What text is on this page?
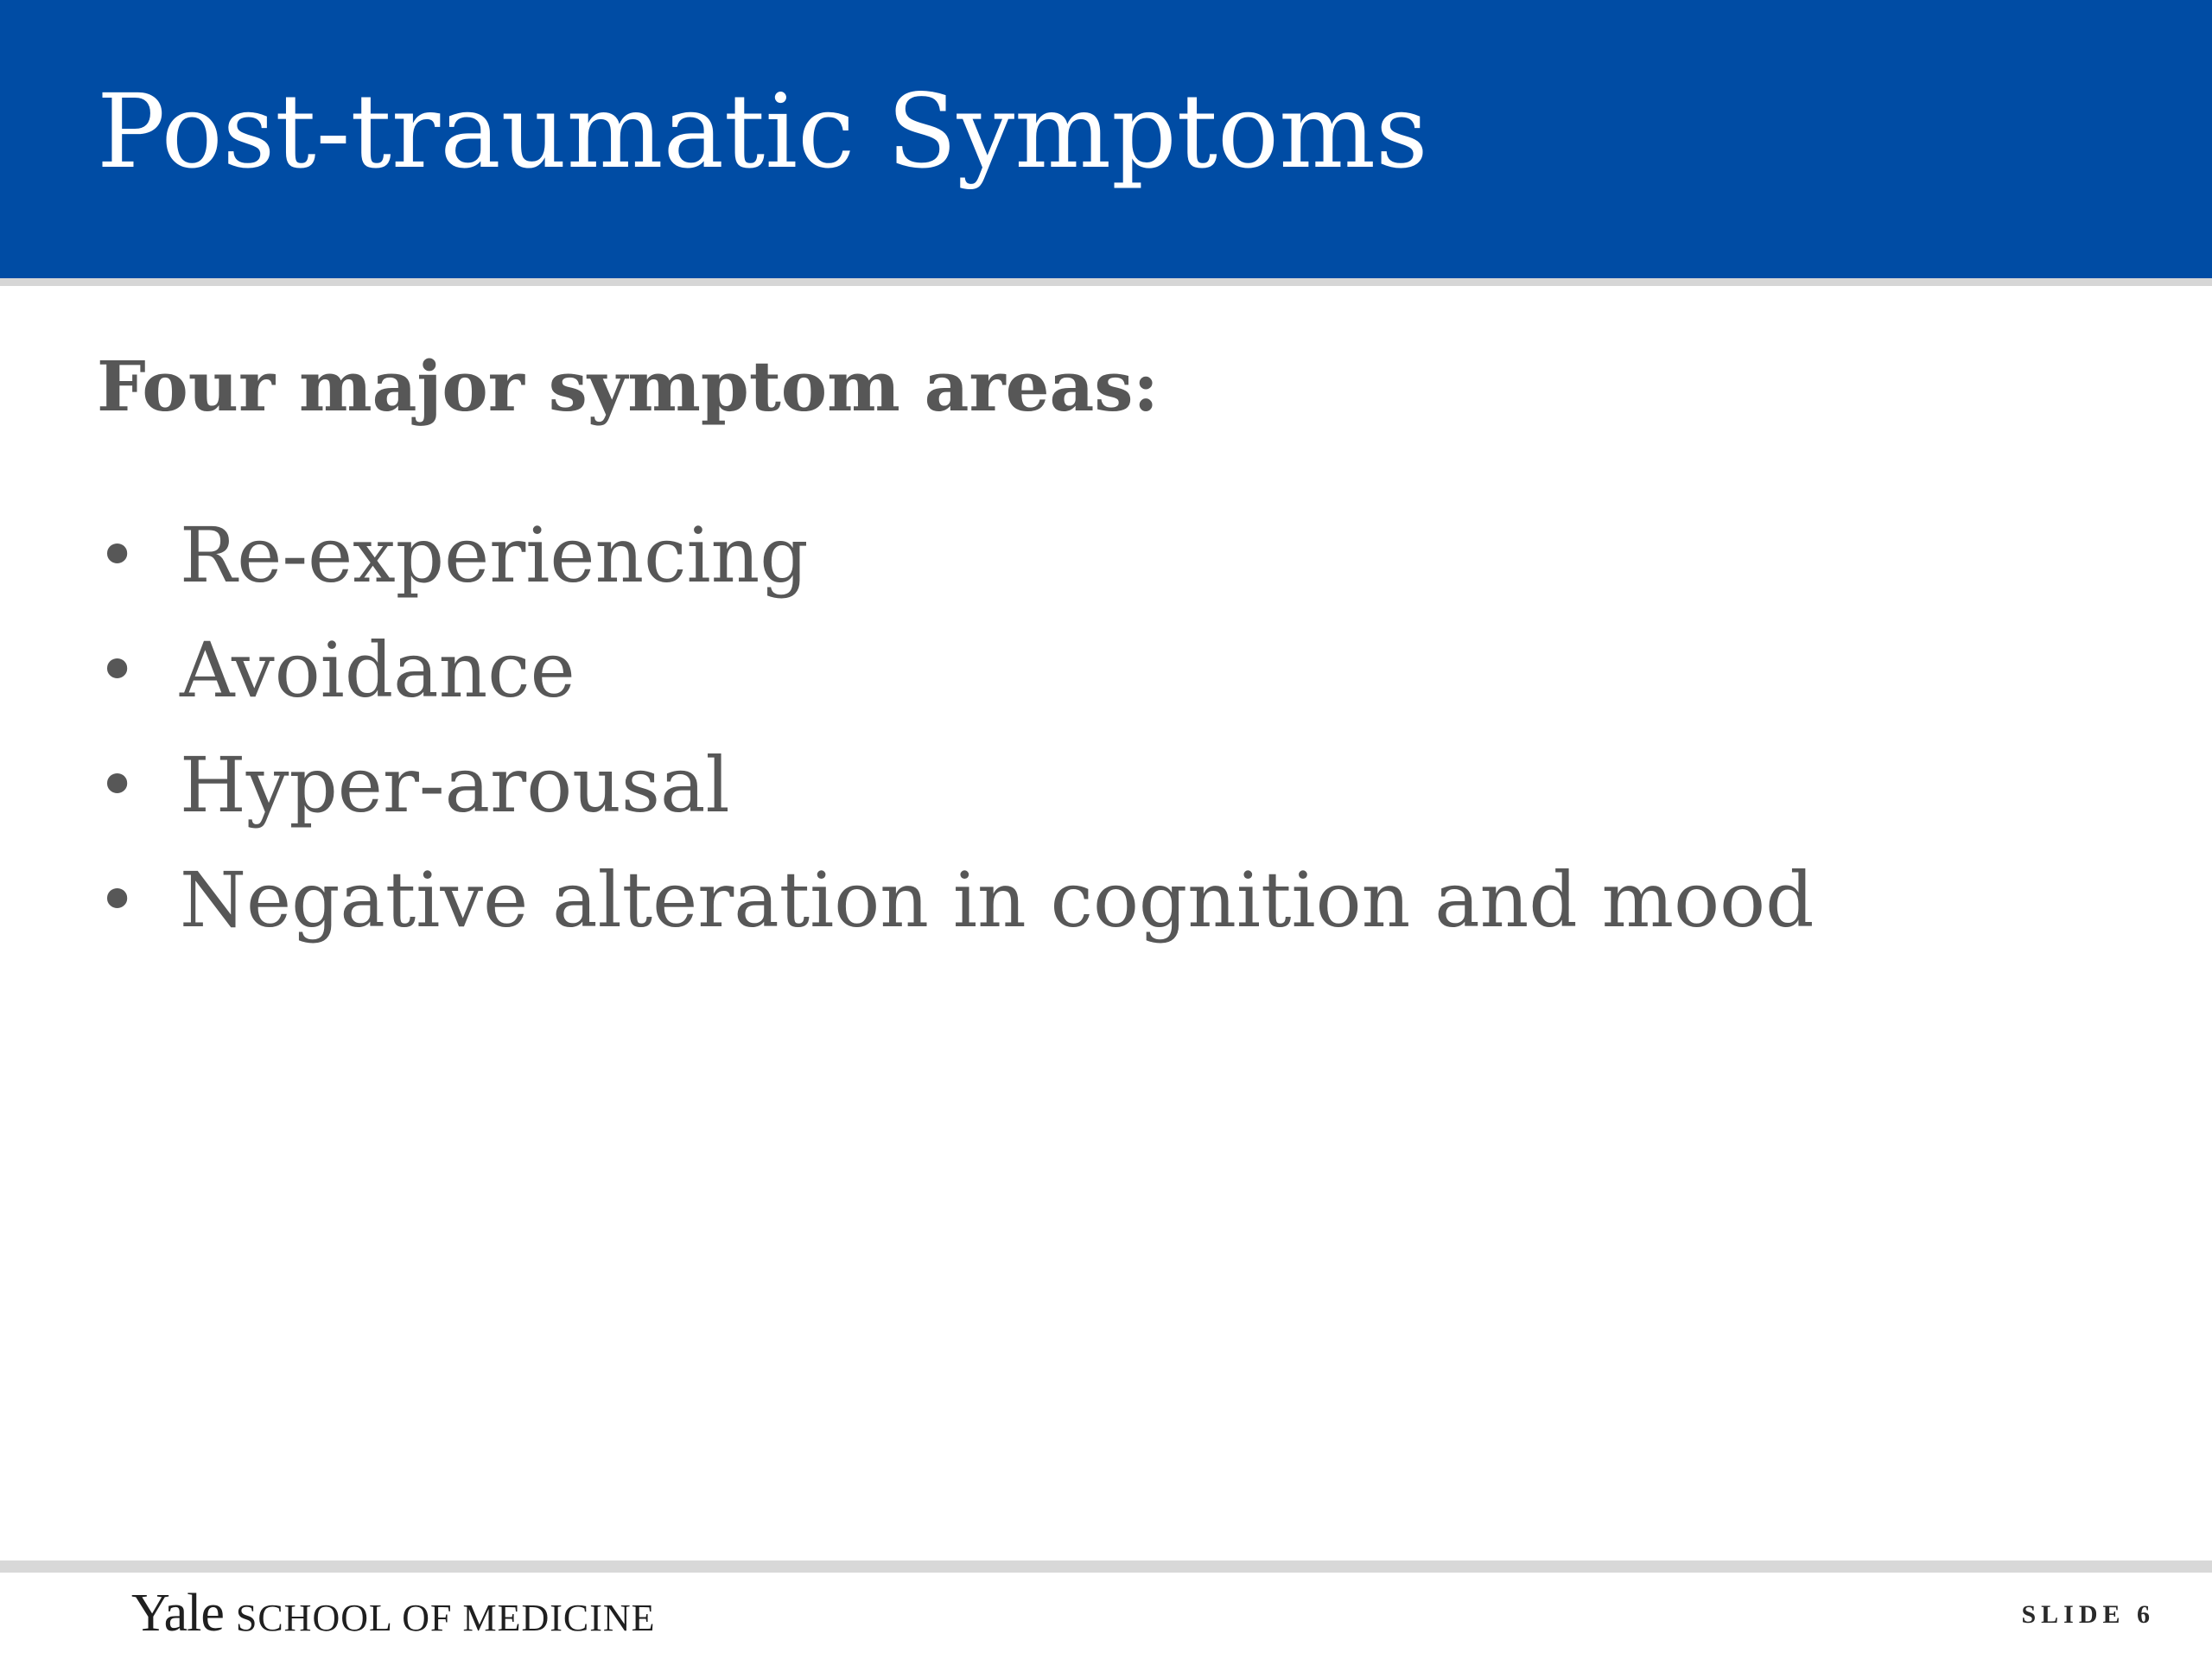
Post-traumatic Symptoms
Four major symptom areas:
• Re-experiencing
• Avoidance
• Hyper-arousal
• Negative alteration in cognition and mood
Yale SCHOOL OF MEDICINE	SLIDE 6
